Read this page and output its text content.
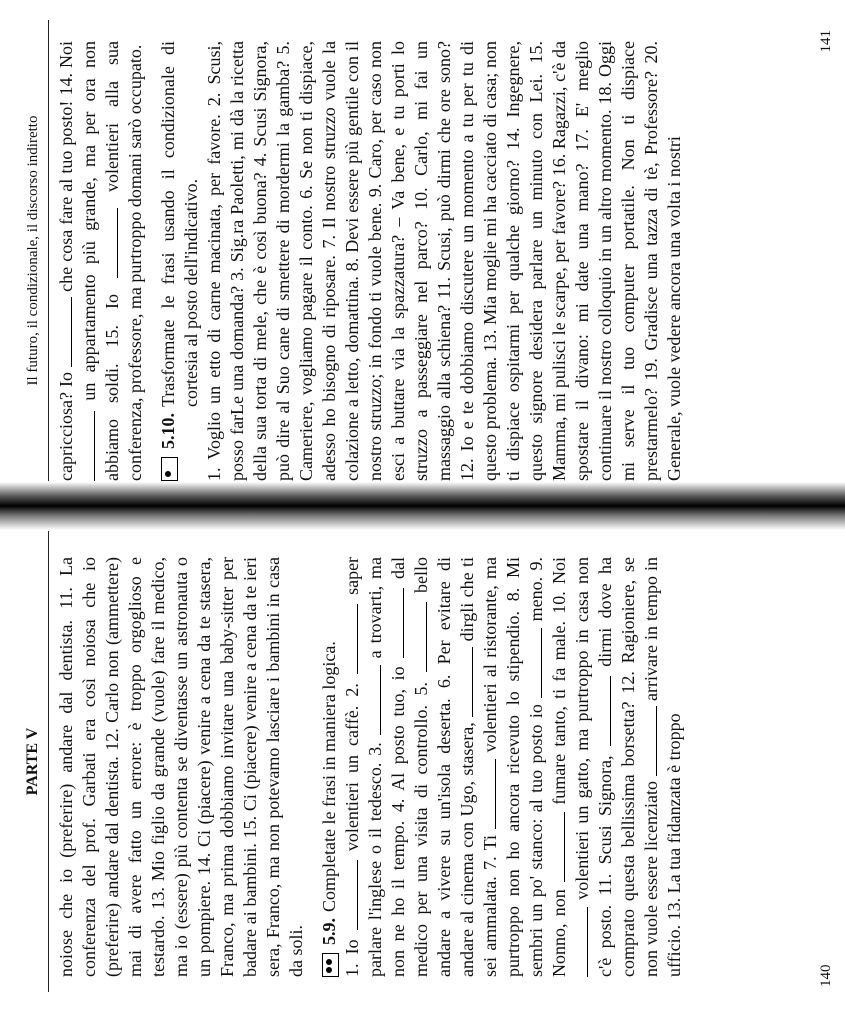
PARTE V noiose che io (preferire) andare dal dentista. 11. La conferenza del prof. Garbati era così noiosa che io (preferire) andare dal dentista. 12. Carlo non (ammettere) mai di avere fatto un errore: è troppo orgoglioso e testardo. 13. Mio figlio da grande (vuole) fare il medico, ma io (essere) più contenta se diventasse un astronauta o un pompiere. 14. Ci (piacere) venire a cena da te stasera, Franco, ma prima dobbiamo invitare una baby-sitter per badare ai bambini. 15. Ci (piacere) venire a cena da te ieri sera, Franco, ma non potevamo lasciare i bambini in casa da soli. 5.9.
Completate le frasi in maniera logica.

1. Io  volentieri un caffè. 2.  saper parlare l'inglese o il tedesco. 3.  a trovarti, ma non ne ho il tempo. 4. Al posto tuo, io  dal medico per una visita di controllo. 5.  bello andare a vivere su un'isola deserta. 6. Per evitare di andare al cinema con Ugo, stasera,  dirgli che ti sei ammalata. 7. Ti  volentieri al ristorante, ma purtroppo non ho ancora ricevuto lo stipendio. 8. Mi sembri un po' stanco: al tuo posto io  meno. 9. Nonno, non  fumare tanto, ti fa male. 10. Noi volentieri un gatto, ma purtroppo in casa non c'è posto. 11. Scusi Signora,  dirmi dove ha comprato questa bellissima borsetta? 12. Ragioniere, se non vuole essere licenziato  arrivare in tempo in ufficio. 13. La tua fidanzata è troppo	140
Il futuro, il condizionale, il discorso indiretto

capricciosa? Io  che cosa fare al tuo posto! 14. Noi un appartamento più grande, ma per ora non abbiamo soldi. 15. Io  volentieri alla sua conferenza, professore, ma purtroppo domani sarò occupato. 5.10.
Trasformate le frasi usando il condizionale di cortesia al posto dell'indicativo. 1. Voglio un etto di carne macinata, per favore. 2. Scusi, posso farLe una domanda? 3. Sig.ra Paoletti, mi dà la ricetta della sua torta di mele, che è così buona? 4. Scusi Signora, può dire al Suo cane di smettere di mordermi la gamba? 5. Cameriere, vogliamo pagare il conto. 6. Se non ti dispiace, adesso ho bisogno di riposare. 7. Il nostro struzzo vuole la colazione a letto, domattina. 8. Devi essere più gentile con il nostro struzzo; in fondo ti vuole bene. 9. Caro, per caso non esci a buttare via la spazzatura? – Va bene, e tu porti lo struzzo a passeggiare nel parco? 10. Carlo, mi fai un massaggio alla schiena? 11. Scusi, può dirmi che ore sono? 12. Io e te dobbiamo discutere un momento a tu per tu di questo problema. 13. Mia moglie mi ha cacciato di casa; non ti dispiace ospitarmi per qualche giorno? 14. Ingegnere, questo signore desidera parlare un minuto con Lei. 15. Mamma, mi pulisci le scarpe, per favore? 16. Ragazzi, c'è da spostare il divano: mi date una mano? 17. E' meglio continuare il nostro colloquio in un altro momento. 18. Oggi mi serve il tuo computer portatile. Non ti dispiace prestarmelo? 19. Gradisce una tazza di tè, Professore? 20. Generale, vuole vedere ancora una volta i nostri

141
